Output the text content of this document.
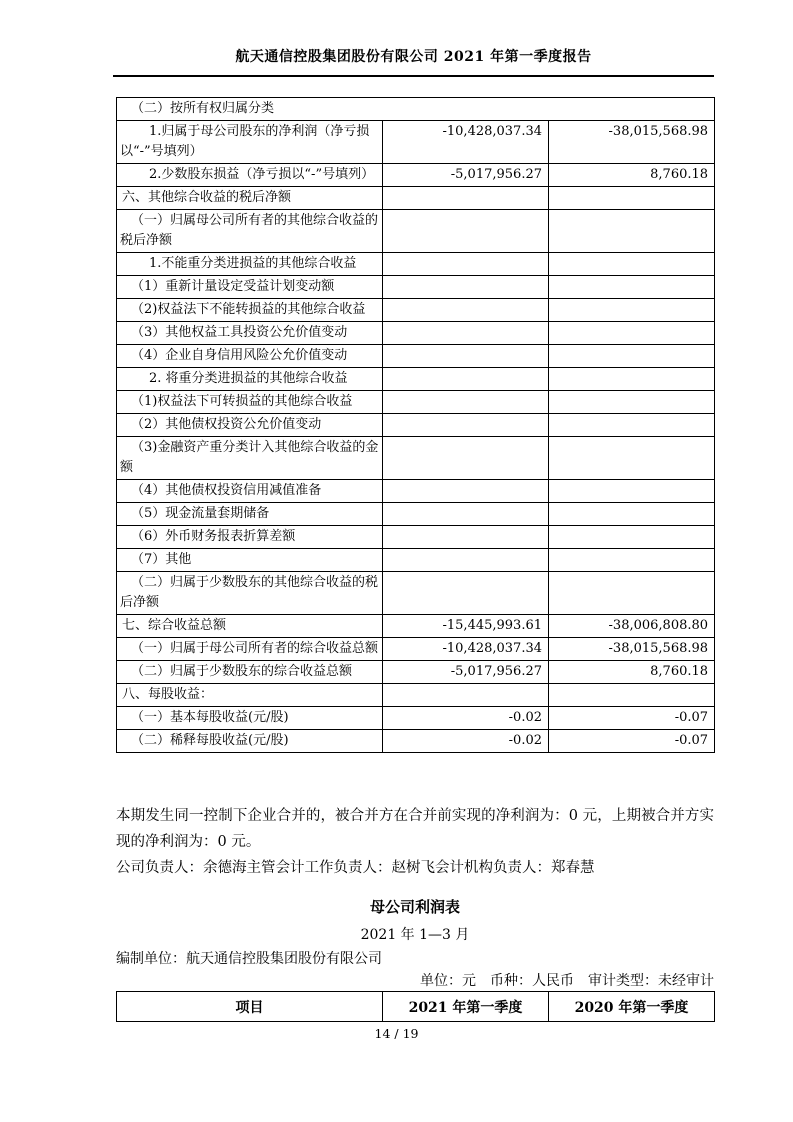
航天通信控股集团股份有限公司 2021 年第一季度报告
（二）按所有权归属分类		
1.归属于母公司股东的净利润（净亏损以“-”号填列）	-10,428,037.34	-38,015,568.98
2.少数股东损益（净亏损以“-”号填列）	-5,017,956.27	8,760.18
六、其他综合收益的税后净额		
（一）归属母公司所有者的其他综合收益的税后净额		
1.不能重分类进损益的其他综合收益		
（1）重新计量设定受益计划变动额		
（2)权益法下不能转损益的其他综合收益		
（3）其他权益工具投资公允价值变动		
（4）企业自身信用风险公允价值变动		
2. 将重分类进损益的其他综合收益		
（1)权益法下可转损益的其他综合收益		
（2）其他债权投资公允价值变动		
（3)金融资产重分类计入其他综合收益的金额		
（4）其他债权投资信用减值准备		
（5）现金流量套期储备		
（6）外币财务报表折算差额		
（7）其他		
（二）归属于少数股东的其他综合收益的税后净额		
七、综合收益总额	-15,445,993.61	-38,006,808.80
（一）归属于母公司所有者的综合收益总额	-10,428,037.34	-38,015,568.98
（二）归属于少数股东的综合收益总额	-5,017,956.27	8,760.18
八、每股收益：		
（一）基本每股收益(元/股)	-0.02	-0.07
（二）稀释每股收益(元/股)	-0.02	-0.07

本期发生同一控制下企业合并的，被合并方在合并前实现的净利润为：0 元，上期被合并方实现的净利润为：0 元。

公司负责人：余德海主管会计工作负责人：赵树飞会计机构负责人：郑春慧

母公司利润表
2021 年 1—3 月
编制单位：航天通信控股集团股份有限公司
单位：元　币种：人民币　审计类型：未经审计
项目	2021 年第一季度	2020 年第一季度
14 / 19
